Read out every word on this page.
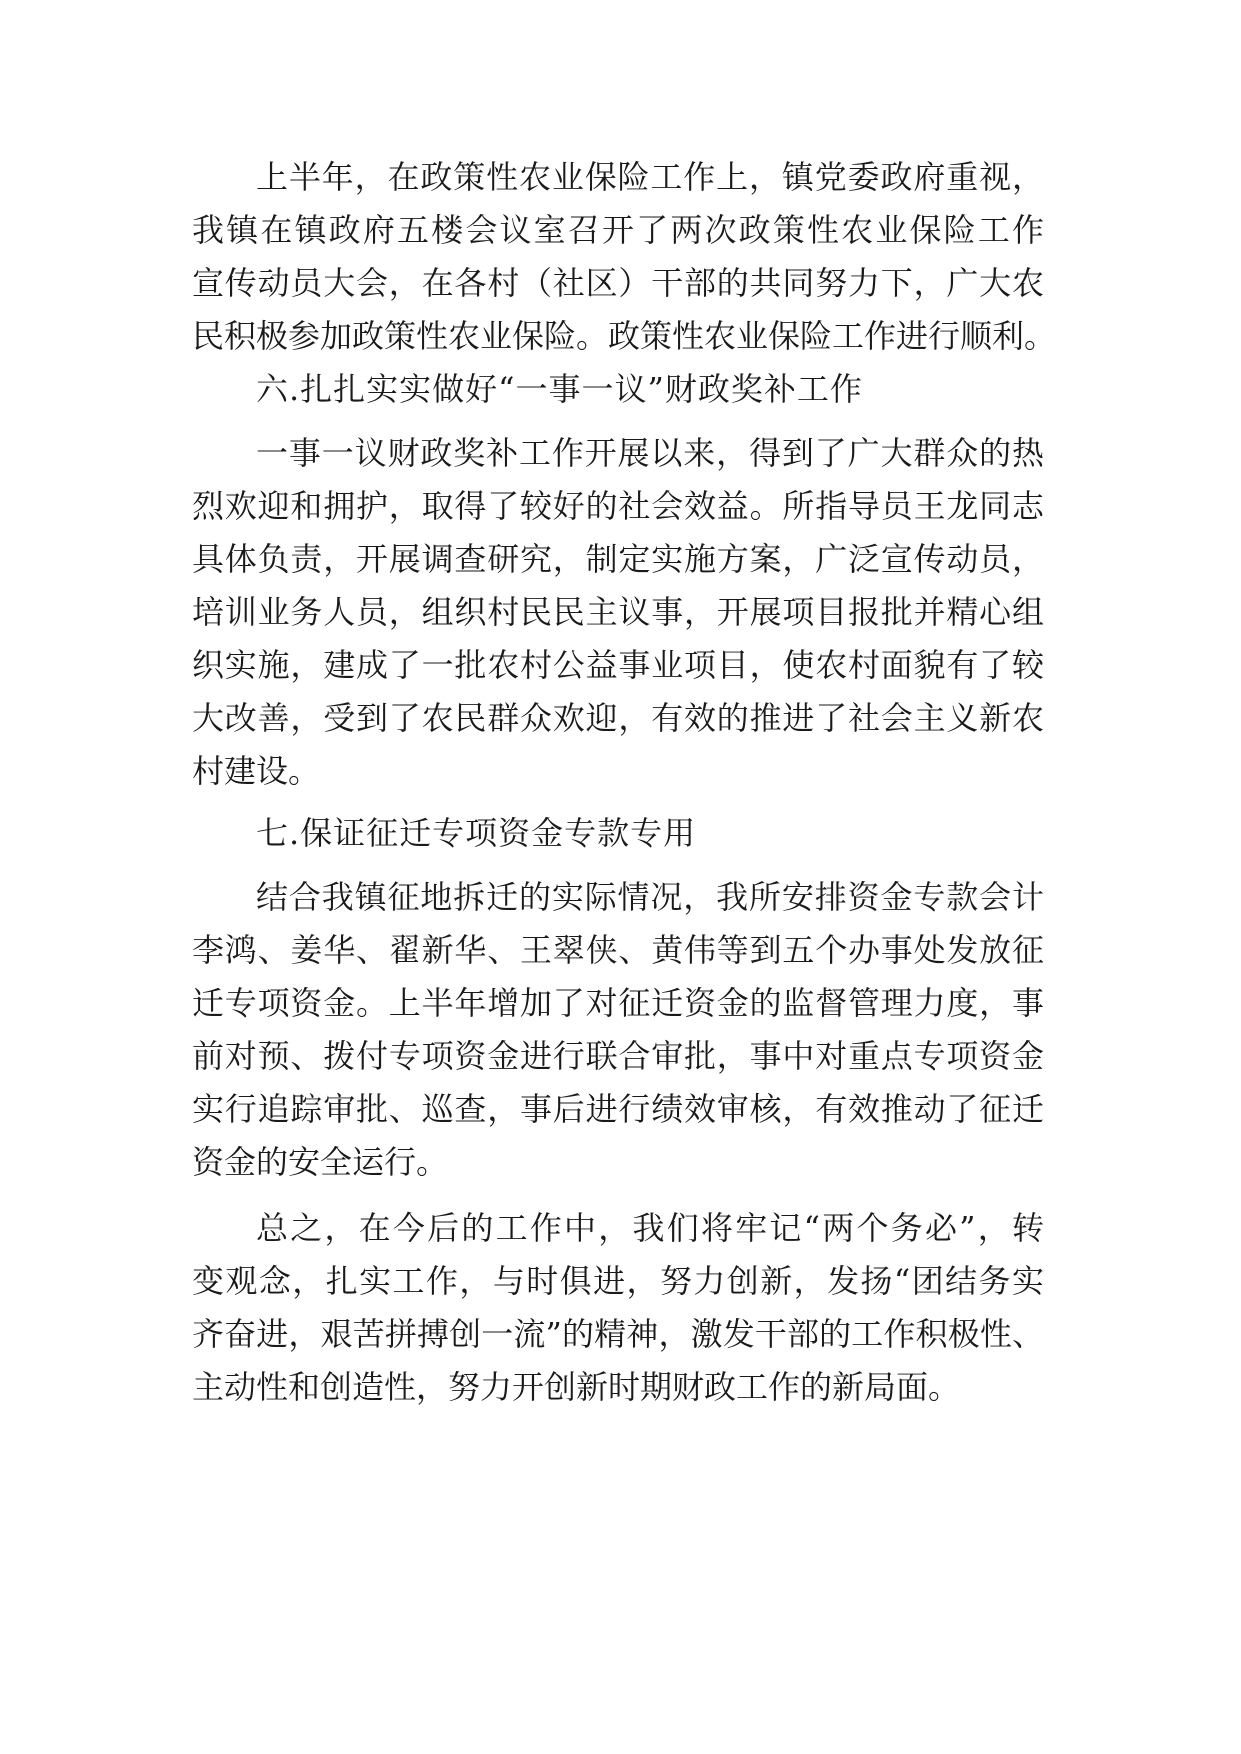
上半年，在政策性农业保险工作上，镇党委政府重视，
我镇在镇政府五楼会议室召开了两次政策性农业保险工作
宣传动员大会，在各村（社区）干部的共同努力下，广大农
民积极参加政策性农业保险。政策性农业保险工作进行顺利。
六.扎扎实实做好“一事一议”财政奖补工作
一事一议财政奖补工作开展以来，得到了广大群众的热
烈欢迎和拥护，取得了较好的社会效益。所指导员王龙同志
具体负责，开展调查研究，制定实施方案，广泛宣传动员，
培训业务人员，组织村民民主议事，开展项目报批并精心组
织实施，建成了一批农村公益事业项目，使农村面貌有了较
大改善，受到了农民群众欢迎，有效的推进了社会主义新农
村建设。
七.保证征迁专项资金专款专用
结合我镇征地拆迁的实际情况，我所安排资金专款会计
李鸿、姜华、翟新华、王翠侠、黄伟等到五个办事处发放征
迁专项资金。上半年增加了对征迁资金的监督管理力度，事
前对预、拨付专项资金进行联合审批，事中对重点专项资金
实行追踪审批、巡查，事后进行绩效审核，有效推动了征迁
资金的安全运行。
总之，在今后的工作中，我们将牢记“两个务必”，转
变观念，扎实工作，与时俱进，努力创新，发扬“团结务实
齐奋进，艰苦拼搏创一流”的精神，激发干部的工作积极性、
主动性和创造性，努力开创新时期财政工作的新局面。
